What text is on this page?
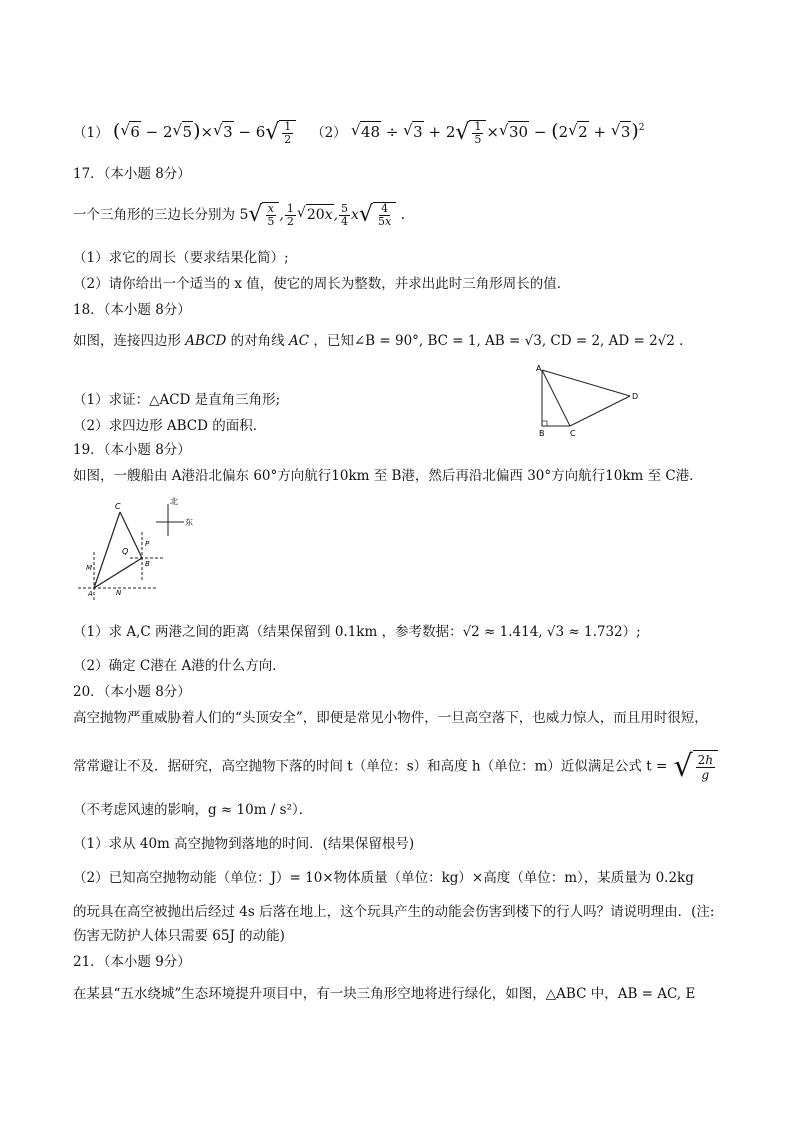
（1） ( √ 6 − 2 √ 5)× √ 3 − 6 √ $\frac{1}{2} (2)$ √ 48 ÷ √ 3 + 2 √ $\frac{1}{5}$ × √ 30 − (2 √ 2 + √ 3)$^2$
17．（本小题 8分）
一个三角形的三边长分别为 5 √ $\frac{x}{5}$ , $\frac{1}{2}$ √ 20x, $\frac{5}{4}$ x √ $\frac{4}{5x}$ ．
（1）求它的周长（要求结果化简）;
（2）请你给出一个适当的 x 值，使它的周长为整数，并求出此时三角形周长的值．
18．（本小题 8分）
如图，连接四边形 ABCD 的对角线 AC ，已知∠B = 90°, BC = 1, AB = √3, CD = 2, AD = 2√2 ．
（1）求证：△ACD 是直角三角形;
（2）求四边形 ABCD 的面积．
A
B	C
D
19．（本小题 8分）
如图，一艘船由 A港沿北偏东 60°方向航行10km 至 B港，然后再沿北偏西 30°方向航行10km 至 C港．
C
Q
M
A	N
B
P
北
东
（1）求 A,C 两港之间的距离（结果保留到 0.1km ，参考数据：√2 ≈ 1.414, √3 ≈ 1.732）;
（2）确定 C港在 A港的什么方向．
20．（本小题 8分）
高空抛物严重威胁着人们的“头顶安全”，即便是常见小物件，一旦高空落下，也威力惊人，而且用时很短，
常常避让不及．据研究，高空抛物下落的时间 t（单位：s）和高度 h（单位：m）近似满足公式 t = √ $\frac{2h}{g}$
（不考虑风速的影响，g ≈ 10m / s²）．
（1）求从 40m 高空抛物到落地的时间．(结果保留根号)
（2）已知高空抛物动能（单位：J）= 10×物体质量（单位：kg）×高度（单位：m），某质量为 0.2kg
的玩具在高空被抛出后经过 4s 后落在地上，这个玩具产生的动能会伤害到楼下的行人吗？请说明理由．(注:
伤害无防护人体只需要 65J 的动能)
21．（本小题 9分）
在某县“五水绕城”生态环境提升项目中，有一块三角形空地将进行绿化，如图，△ABC 中，AB = AC, E
